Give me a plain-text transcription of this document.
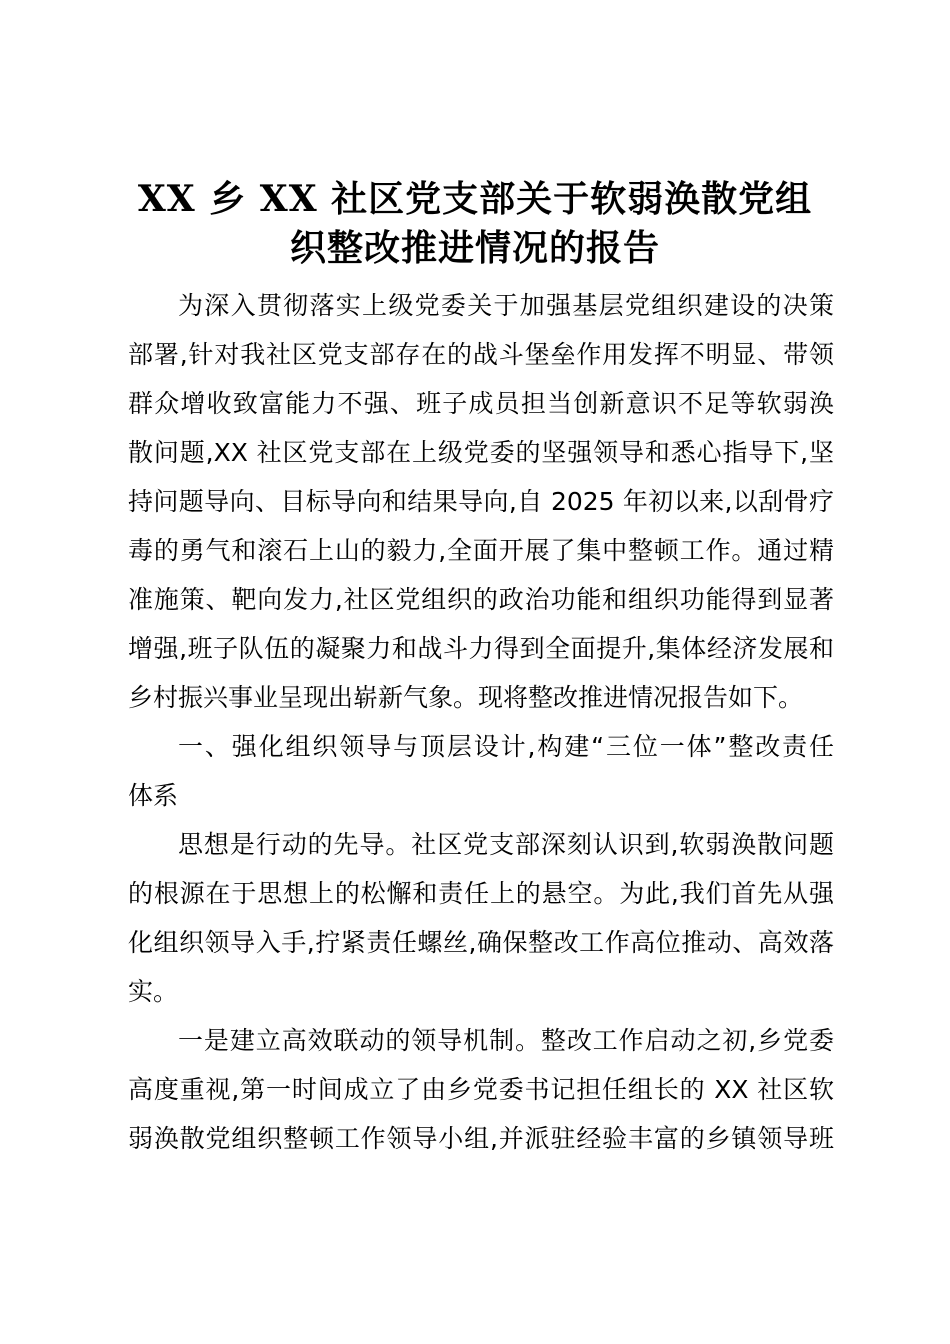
XX 乡 XX 社区党支部关于软弱涣散党组
织整改推进情况的报告
为深入贯彻落实上级党委关于加强基层党组织建设的决策
部署,针对我社区党支部存在的战斗堡垒作用发挥不明显、带领
群众增收致富能力不强、班子成员担当创新意识不足等软弱涣
散问题,XX 社区党支部在上级党委的坚强领导和悉心指导下,坚
持问题导向、目标导向和结果导向,自 2025 年初以来,以刮骨疗
毒的勇气和滚石上山的毅力,全面开展了集中整顿工作。通过精
准施策、靶向发力,社区党组织的政治功能和组织功能得到显著
增强,班子队伍的凝聚力和战斗力得到全面提升,集体经济发展和
乡村振兴事业呈现出崭新气象。现将整改推进情况报告如下。
一、强化组织领导与顶层设计,构建“三位一体”整改责任
体系
思想是行动的先导。社区党支部深刻认识到,软弱涣散问题
的根源在于思想上的松懈和责任上的悬空。为此,我们首先从强
化组织领导入手,拧紧责任螺丝,确保整改工作高位推动、高效落
实。
一是建立高效联动的领导机制。整改工作启动之初,乡党委
高度重视,第一时间成立了由乡党委书记担任组长的 XX 社区软
弱涣散党组织整顿工作领导小组,并派驻经验丰富的乡镇领导班
